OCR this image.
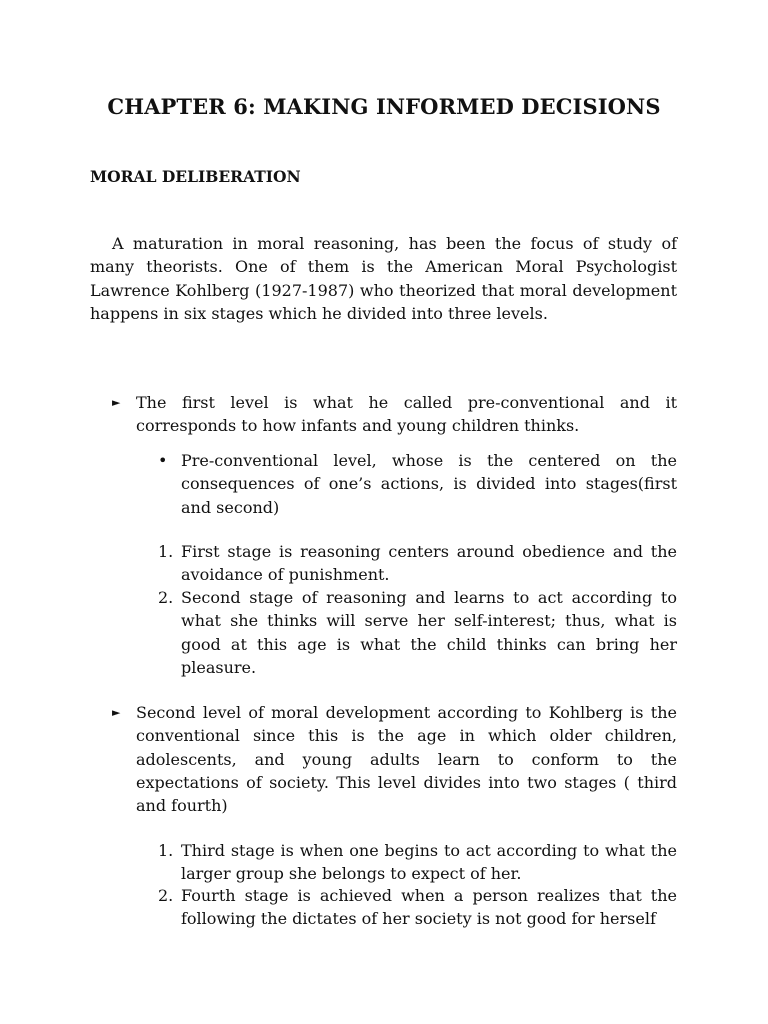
CHAPTER 6: MAKING INFORMED DECISIONS
MORAL DELIBERATION

A maturation in moral reasoning, has been the focus of study of many theorists. One of them is the American Moral Psychologist Lawrence Kohlberg (1927-1987) who theorized that moral development happens in six stages which he divided into three levels.

► The first level is what he called pre-conventional and it corresponds to how infants and young children thinks.
• Pre-conventional level, whose is the centered on the consequences of one’s actions, is divided into stages(first and second)
1. First stage is reasoning centers around obedience and the avoidance of punishment.
2. Second stage of reasoning and learns to act according to what she thinks will serve her self-interest; thus, what is good at this age is what the child thinks can bring her pleasure.
► Second level of moral development according to Kohlberg is the conventional since this is the age in which older children, adolescents, and young adults learn to conform to the expectations of society. This level divides into two stages ( third and fourth)
1. Third stage is when one begins to act according to what the larger group she belongs to expect of her.
2. Fourth stage is achieved when a person realizes that the following the dictates of her society is not good for herself
